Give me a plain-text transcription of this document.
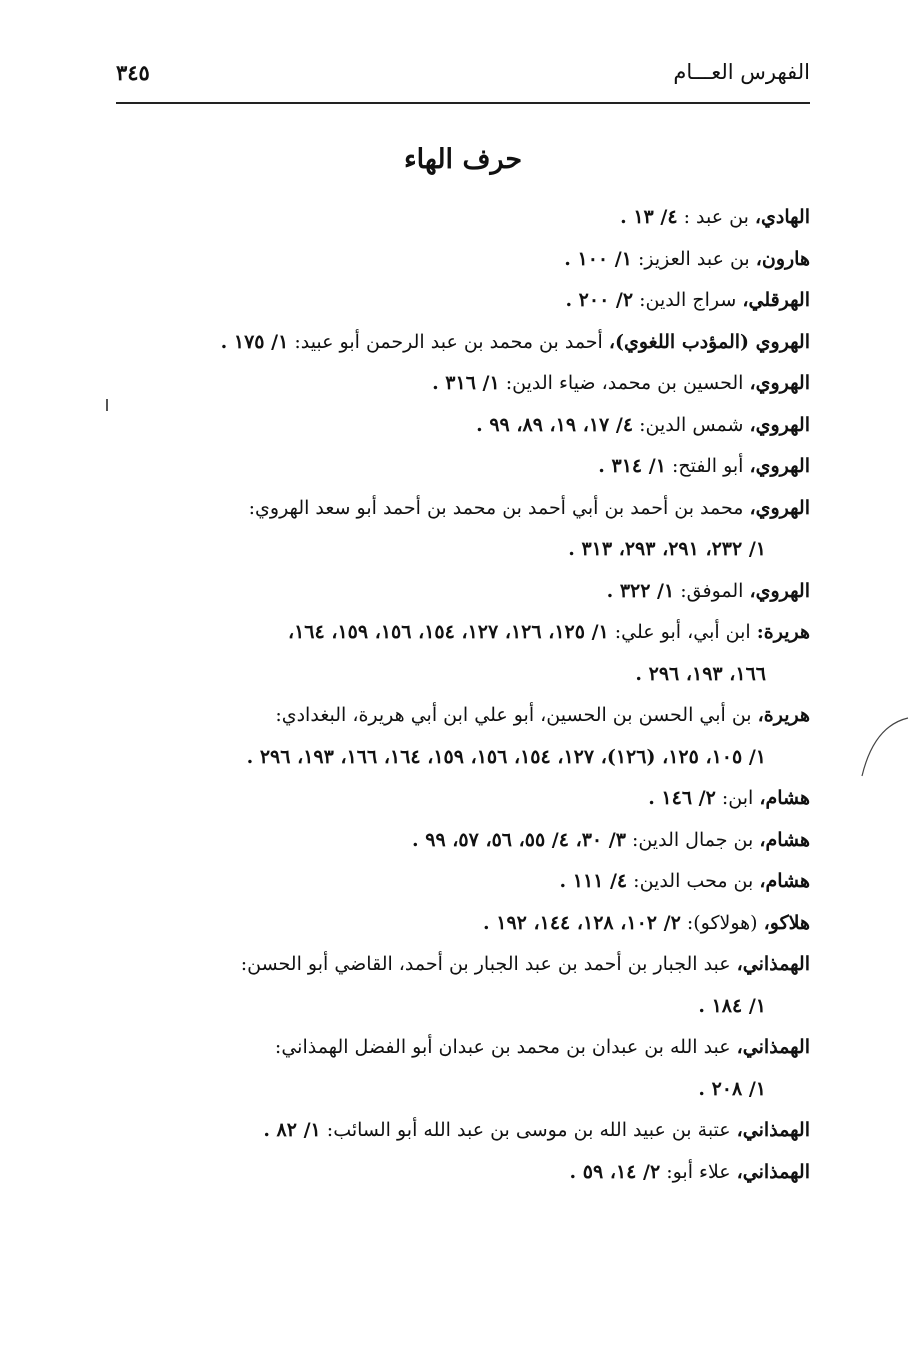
الفهرس العـــام
٣٤٥
حرف الهاء
الهادي، بن عبد : ٤/ ١٣ .
هارون، بن عبد العزيز: ١/ ١٠٠ .
الهرقلي، سراج الدين: ٢/ ٢٠٠ .
الهروي (المؤدب اللغوي)، أحمد بن محمد بن عبد الرحمن أبو عبيد: ١/ ١٧٥ .
الهروي، الحسين بن محمد، ضياء الدين: ١/ ٣١٦ .
الهروي، شمس الدين: ٤/ ١٧، ١٩، ٨٩، ٩٩ .
الهروي، أبو الفتح: ١/ ٣١٤ .
الهروي، محمد بن أحمد بن أبي أحمد بن محمد بن أحمد أبو سعد الهروي:
١/ ٢٣٢، ٢٩١، ٢٩٣، ٣١٣ .
الهروي، الموفق: ١/ ٣٢٢ .
هريرة: ابن أبي، أبو علي: ١/ ١٢٥، ١٢٦، ١٢٧، ١٥٤، ١٥٦، ١٥٩، ١٦٤،
١٦٦، ١٩٣، ٢٩٦ .
هريرة، بن أبي الحسن بن الحسين، أبو علي ابن أبي هريرة، البغدادي:
١/ ١٠٥، ١٢٥، (١٢٦)، ١٢٧، ١٥٤، ١٥٦، ١٥٩، ١٦٤، ١٦٦، ١٩٣، ٢٩٦ .
هشام، ابن: ٢/ ١٤٦ .
هشام، بن جمال الدين: ٣/ ٣٠، ٤/ ٥٥، ٥٦، ٥٧، ٩٩ .
هشام، بن محب الدين: ٤/ ١١١ .
هلاكو، (هولاكو): ٢/ ١٠٢، ١٢٨، ١٤٤، ١٩٢ .
الهمذاني، عبد الجبار بن أحمد بن عبد الجبار بن أحمد، القاضي أبو الحسن:
١/ ١٨٤ .
الهمذاني، عبد الله بن عبدان بن محمد بن عبدان أبو الفضل الهمذاني:
١/ ٢٠٨ .
الهمذاني، عتبة بن عبيد الله بن موسى بن عبد الله أبو السائب: ١/ ٨٢ .
الهمذاني، علاء أبو: ٢/ ١٤، ٥٩ .
